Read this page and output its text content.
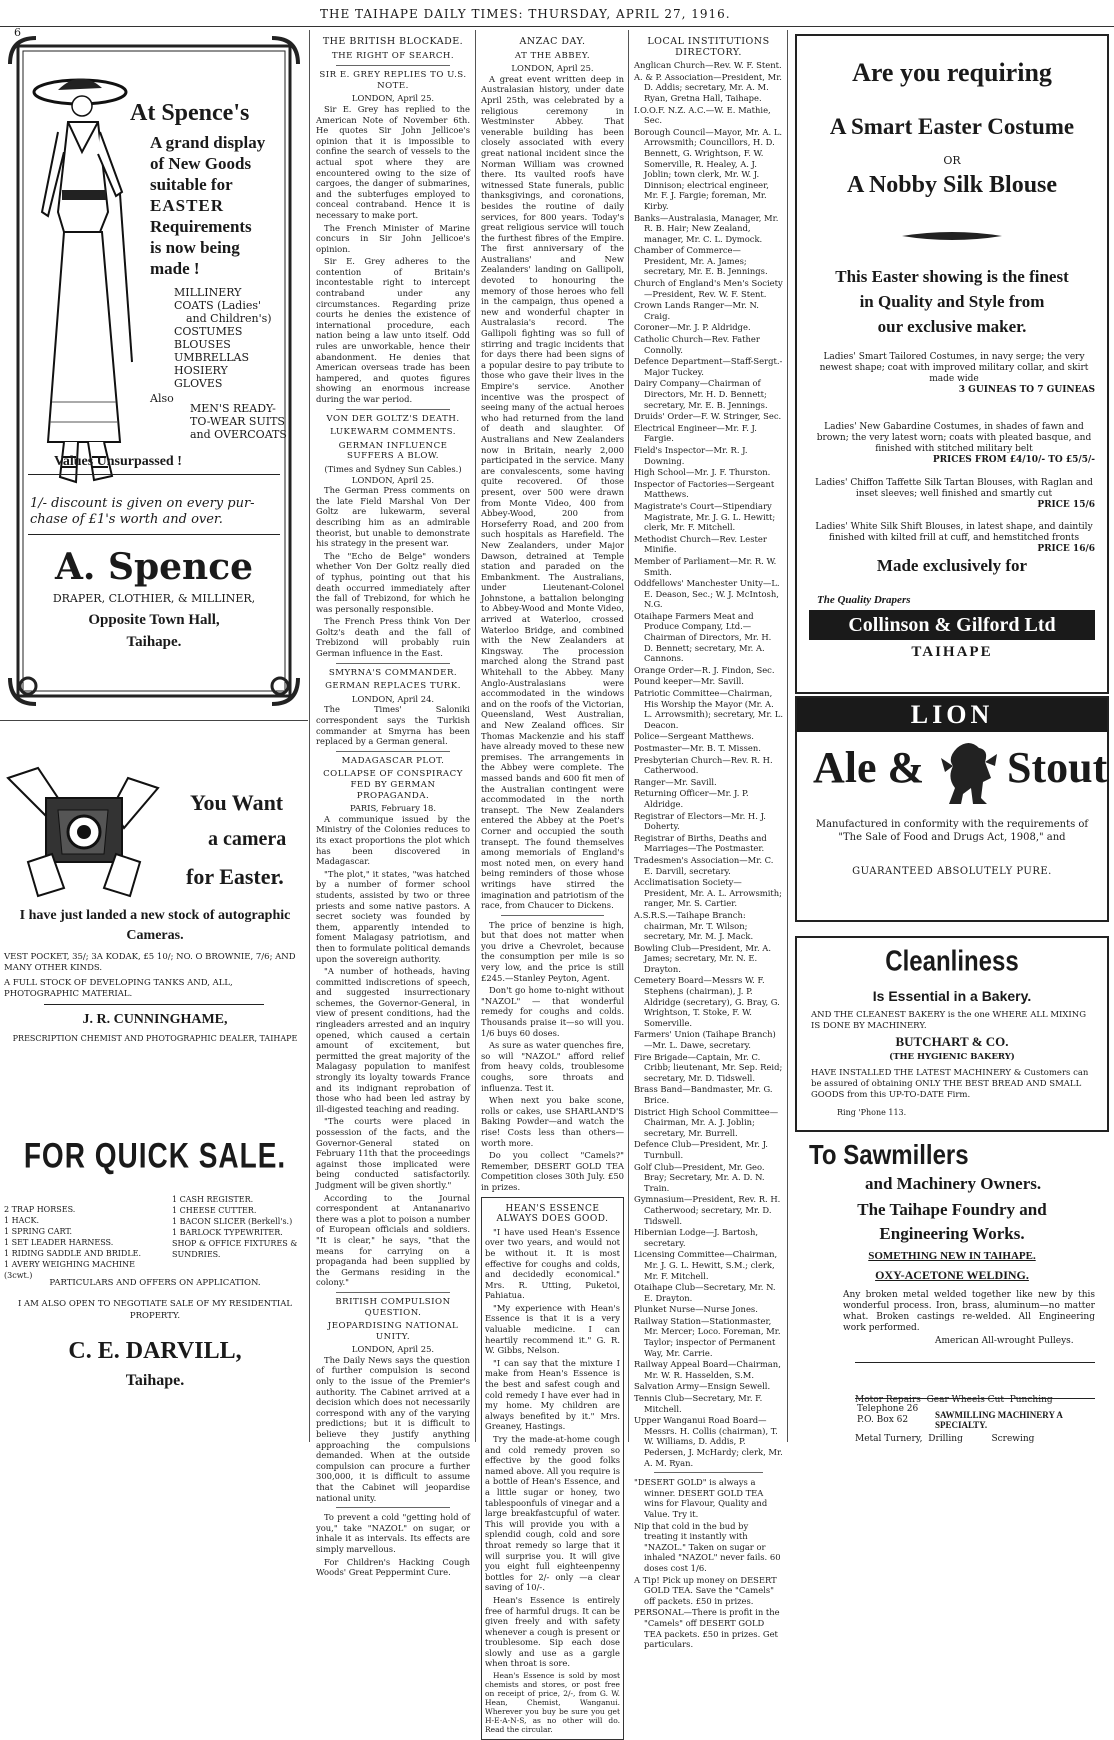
THE TAIHAPE DAILY TIMES: THURSDAY, APRIL 27, 1916.
6
At Spence's
A grand display
of New Goods
suitable for
EASTER
Requirements
is now being
made !
MILLINERY
COATS (Ladies'
and Children's)
COSTUMES
BLOUSES
UMBRELLAS
HOSIERY
GLOVES
Also
MEN'S READY-
TO-WEAR SUITS
and OVERCOATS
Values Unsurpassed !
1/- discount is given on every pur-chase of £1's worth and over.
A. Spence
DRAPER, CLOTHIER, & MILLINER,
Opposite Town Hall,
Taihape.
You Want
a camera
for Easter.
I have just landed a new stock of autographic
Cameras.
VEST POCKET, 35/; 3A KODAK, £5 10/; NO. O BROWNIE, 7/6; AND MANY OTHER KINDS.
A FULL STOCK OF DEVELOPING TANKS AND, ALL, PHOTOGRAPHIC MATERIAL.
J. R. CUNNINGHAME,
PRESCRIPTION CHEMIST AND PHOTOGRAPHIC DEALER, TAIHAPE
FOR QUICK SALE.
2 TRAP HORSES.
1 HACK.
1 SPRING CART.
1 SET LEADER HARNESS.
1 RIDING SADDLE AND BRIDLE.
1 AVERY WEIGHING MACHINE (3cwt.)
1 CASH REGISTER.
1 CHEESE CUTTER.
1 BACON SLICER (Berkell's.)
1 BARLOCK TYPEWRITER.
SHOP & OFFICE FIXTURES & SUNDRIES.
PARTICULARS AND OFFERS ON APPLICATION.
I AM ALSO OPEN TO NEGOTIATE SALE OF MY RESIDENTIAL PROPERTY.
C. E. DARVILL,
Taihape.
THE BRITISH BLOCKADE.
THE RIGHT OF SEARCH.
SIR E. GREY REPLIES TO U.S. NOTE.
LONDON, April 25.

Sir E. Grey has replied to the American Note of November 6th. He quotes Sir John Jellicoe's opinion that it is impossible to confine the search of vessels to the actual spot where they are encountered owing to the size of cargoes, the danger of submarines, and the subterfuges employed to conceal contraband. Hence it is necessary to make port.

The French Minister of Marine concurs in Sir John Jellicoe's opinion.

Sir E. Grey adheres to the contention of Britain's incontestable right to intercept contraband under any circumstances. Regarding prize courts he denies the existence of international procedure, each nation being a law unto itself. Odd rules are unworkable, hence their abandonment. He denies that American overseas trade has been hampered, and quotes figures showing an enormous increase during the war period.

VON DER GOLTZ'S DEATH.
LUKEWARM COMMENTS.
GERMAN INFLUENCE SUFFERS A BLOW.
(Times and Sydney Sun Cables.) LONDON, April 25.

The German Press comments on the late Field Marshal Von Der Goltz are lukewarm, several describing him as an admirable theorist, but unable to demonstrate his strategy in the present war.

The "Echo de Belge" wonders whether Von Der Goltz really died of typhus, pointing out that his death occurred immediately after the fall of Trebizond, for which he was personally responsible.

The French Press think Von Der Goltz's death and the fall of Trebizond will probably ruin German influence in the East.

SMYRNA'S COMMANDER.
GERMAN REPLACES TURK.
LONDON, April 24.

The Times' Saloniki correspondent says the Turkish commander at Smyrna has been replaced by a German general.

MADAGASCAR PLOT.
COLLAPSE OF CONSPIRACY FED BY GERMAN PROPAGANDA.
PARIS, February 18.

A communique issued by the Ministry of the Colonies reduces to its exact proportions the plot which has been discovered in Madagascar.

"The plot," it states, "was hatched by a number of former school students, assisted by two or three priests and some native pastors. A secret society was founded by them, apparently intended to foment Malagasy patriotism, and then to formulate political demands upon the sovereign authority.

"A number of hotheads, having committed indiscretions of speech, and suggested insurrectionary schemes, the Governor-General, in view of present conditions, had the ringleaders arrested and an inquiry opened, which caused a certain amount of excitement, but permitted the great majority of the Malagasy population to manifest strongly its loyalty towards France and its indignant reprobation of those who had been led astray by ill-digested teaching and reading.

"The courts were placed in possession of the facts, and the Governor-General stated on February 11th that the proceedings against those implicated were being conducted satisfactorily. Judgment will be given shortly."

According to the Journal correspondent at Antananarivo there was a plot to poison a number of European officials and soldiers. "It is clear," he says, "that the means for carrying on a propaganda had been supplied by the Germans residing in the colony."

BRITISH COMPULSION QUESTION.
JEOPARDISING NATIONAL UNITY.
LONDON, April 25.

The Daily News says the question of further compulsion is second only to the issue of the Premier's authority. The Cabinet arrived at a decision which does not necessarily correspond with any of the varying predictions; but it is difficult to believe they justify anything approaching the compulsions demanded. When at the outside compulsion can procure a further 300,000, it is difficult to assume that the Cabinet will jeopardise national unity.

To prevent a cold "getting hold of you," take "NAZOL" on sugar, or inhale it as intervals. Its effects are simply marvellous.

For Children's Hacking Cough Woods' Great Peppermint Cure.

ANZAC DAY.
AT THE ABBEY.
LONDON, April 25.

A great event written deep in Australasian history, under date April 25th, was celebrated by a religious ceremony in Westminster Abbey. That venerable building has been closely associated with every great national incident since the Norman William was crowned there. Its vaulted roofs have witnessed State funerals, public thanksgivings, and coronations, besides the routine of daily services, for 800 years. Today's great religious service will touch the furthest fibres of the Empire. The first anniversary of the Australians' and New Zealanders' landing on Gallipoli, devoted to honouring the memory of those heroes who fell in the campaign, thus opened a new and wonderful chapter in Australasia's record. The Gallipoli fighting was so full of stirring and tragic incidents that for days there had been signs of a popular desire to pay tribute to those who gave their lives in the Empire's service. Another incentive was the prospect of seeing many of the actual heroes who had returned from the land of death and slaughter. Of Australians and New Zealanders now in Britain, nearly 2,000 participated in the service. Many are convalescents, some having quite recovered. Of those present, over 500 were drawn from Monte Video, 400 from Abbey-Wood, 200 from Horseferry Road, and 200 from such hospitals as Harefield. The New Zealanders, under Major Dawson, detrained at Temple station and paraded on the Embankment. The Australians, under Lieutenant-Colonel Johnstone, a battalion belonging to Abbey-Wood and Monte Video, arrived at Waterloo, crossed Waterloo Bridge, and combined with the New Zealanders at Kingsway. The procession marched along the Strand past Whitehall to the Abbey. Many Anglo-Australasians were accommodated in the windows and on the roofs of the Victorian, Queensland, West Australian, and New Zealand offices. Sir Thomas Mackenzie and his staff have already moved to these new premises. The arrangements in the Abbey were complete. The massed bands and 600 fit men of the Australian contingent were accommodated in the north transept. The New Zealanders entered the Abbey at the Poet's Corner and occupied the south transept. The found themselves among memorials of England's most noted men, on every hand being reminders of those whose writings have stirred the imagination and patriotism of the race, from Chaucer to Dickens.

The price of benzine is high, but that does not matter when you drive a Chevrolet, because the consumption per mile is so very low, and the price is still £245.—Stanley Peyton, Agent.

Don't go home to-night without "NAZOL" — that wonderful remedy for coughs and colds. Thousands praise it—so will you. 1/6 buys 60 doses.

As sure as water quenches fire, so will "NAZOL" afford relief from heavy colds, troublesome coughs, sore throats and influenza. Test it.

When next you bake scone, rolls or cakes, use SHARLAND'S Baking Powder—and watch the rise! Costs less than others—worth more.

Do you collect "Camels?" Remember, DESERT GOLD TEA Competition closes 30th July. £50 in prizes.

HEAN'S ESSENCE ALWAYS DOES GOOD.

"I have used Hean's Essence over two years, and would not be without it. It is most effective for coughs and colds, and decidedly economical." Mrs. R. Utting, Puketoi, Pahiatua.

"My experience with Hean's Essence is that it is a very valuable medicine. I can heartily recommend it." G. R. W. Gibbs, Nelson.

"I can say that the mixture I make from Hean's Essence is the best and safest cough and cold remedy I have ever had in my home. My children are always benefited by it." Mrs. Greaney, Hastings.

Try the made-at-home cough and cold remedy proven so effective by the good folks named above. All you require is a bottle of Hean's Essence, and a little sugar or honey, two tablespoonfuls of vinegar and a large breakfastcupful of water. This will provide you with a splendid cough, cold and sore throat remedy so large that it will surprise you. It will give you eight full eighteenpenny bottles for 2/- only —a clear saving of 10/-.

Hean's Essence is entirely free of harmful drugs. It can be given freely and with safety whenever a cough is present or troublesome. Sip each dose slowly and use as a gargle when throat is sore.

Hean's Essence is sold by most chemists and stores, or post free on receipt of price, 2/-, from G. W. Hean, Chemist, Wanganui. Wherever you buy be sure you get H-E-A-N-S, as no other will do. Read the circular.

LOCAL INSTITUTIONS DIRECTORY.

Anglican Church—Rev. W. F. Stent.

A. & P. Association—President, Mr. D. Addis; secretary, Mr. A. M. Ryan, Gretna Hall, Taihape.

I.O.O.F. N.Z. A.C.—W. E. Mathie, Sec.

Borough Council—Mayor, Mr. A. L. Arrowsmith; Councillors, H. D. Bennett, G. Wrightson, F. W. Somerville, R. Healey, A. J. Joblin; town clerk, Mr. W. J. Dinnison; electrical engineer, Mr. F. J. Fargie; foreman, Mr. Kirby.

Banks—Australasia, Manager, Mr. R. B. Hair; New Zealand, manager, Mr. C. L. Dymock.

Chamber of Commerce—President, Mr. A. James; secretary, Mr. E. B. Jennings.

Church of England's Men's Society—President, Rev. W. F. Stent.

Crown Lands Ranger—Mr. N. Craig.

Coroner—Mr. J. P. Aldridge.

Catholic Church—Rev. Father Connolly.

Defence Department—Staff-Sergt.-Major Tuckey.

Dairy Company—Chairman of Directors, Mr. H. D. Bennett; secretary, Mr. E. B. Jennings.

Druids' Order—F. W. Stringer, Sec.

Electrical Engineer—Mr. F. J. Fargie.

Field's Inspector—Mr. R. J. Downing.

High School—Mr. J. F. Thurston.

Inspector of Factories—Sergeant Matthews.

Magistrate's Court—Stipendiary Magistrate, Mr. J. G. L. Hewitt; clerk, Mr. F. Mitchell.

Methodist Church—Rev. Lester Minifie.

Member of Parliament—Mr. R. W. Smith.

Oddfellows' Manchester Unity—L. E. Deason, Sec.; W. J. McIntosh, N.G.

Otaihape Farmers Meat and Produce Company, Ltd.—Chairman of Directors, Mr. H. D. Bennett; secretary, Mr. A. Cannons.

Orange Order—R. J. Findon, Sec.

Pound keeper—Mr. Savill.

Patriotic Committee—Chairman, His Worship the Mayor (Mr. A. L. Arrowsmith); secretary, Mr. L. Deacon.

Police—Sergeant Matthews.

Postmaster—Mr. B. T. Missen.

Presbyterian Church—Rev. R. H. Catherwood.

Ranger—Mr. Savill.

Returning Officer—Mr. J. P. Aldridge.

Registrar of Electors—Mr. H. J. Doherty.

Registrar of Births, Deaths and Marriages—The Postmaster.

Tradesmen's Association—Mr. C. E. Darvill, secretary.

Acclimatisation Society—President, Mr. A. L. Arrowsmith; ranger, Mr. S. Cartier.

A.S.R.S.—Taihape Branch: chairman, Mr. T. Wilson; secretary, Mr. M. J. Mack.

Bowling Club—President, Mr. A. James; secretary, Mr. N. E. Drayton.

Cemetery Board—Messrs W. F. Stephens (chairman), J. P. Aldridge (secretary), G. Bray, G. Wrightson, T. Stoke, F. W. Somerville.

Farmers' Union (Taihape Branch)—Mr. L. Dawe, secretary.

Fire Brigade—Captain, Mr. C. Cribb; lieutenant, Mr. Sep. Reid; secretary, Mr. D. Tidswell.

Brass Band—Bandmaster, Mr. G. Brice.

District High School Committee—Chairman, Mr. A. J. Joblin; secretary, Mr. Burrell.

Defence Club—President, Mr. J. Turnbull.

Golf Club—President, Mr. Geo. Bray; Secretary, Mr. A. D. N. Train.

Gymnasium—President, Rev. R. H. Catherwood; secretary, Mr. D. Tidswell.

Hibernian Lodge—J. Bartosh, secretary.

Licensing Committee—Chairman, Mr. J. G. L. Hewitt, S.M.; clerk, Mr. F. Mitchell.

Otaihape Club—Secretary, Mr. N. E. Drayton.

Plunket Nurse—Nurse Jones.

Railway Station—Stationmaster, Mr. Mercer; Loco. Foreman, Mr. Taylor; inspector of Permanent Way, Mr. Carrie.

Railway Appeal Board—Chairman, Mr. W. R. Hasselden, S.M.

Salvation Army—Ensign Sewell.

Tennis Club—Secretary, Mr. F. Mitchell.

Upper Wanganui Road Board—Messrs. H. Collis (chairman), T. W. Williams, D. Addis, P. Pedersen, J. McHardy; clerk, Mr. A. M. Ryan.

"DESERT GOLD" is always a winner. DESERT GOLD TEA wins for Flavour, Quality and Value. Try it.

Nip that cold in the bud by treating it instantly with "NAZOL." Taken on sugar or inhaled "NAZOL" never fails. 60 doses cost 1/6.

A Tip! Pick up money on DESERT GOLD TEA. Save the "Camels" off packets. £50 in prizes.

PERSONAL—There is profit in the "Camels" off DESERT GOLD TEA packets. £50 in prizes. Get particulars.

Are you requiring
A Smart Easter Costume
OR
A Nobby Silk Blouse
This Easter showing is the finest
in Quality and Style from
our exclusive maker.
Ladies' Smart Tailored Costumes, in navy serge; the very newest shape; coat with improved military collar, and skirt made wide
3 GUINEAS TO 7 GUINEAS
Ladies' New Gabardine Costumes, in shades of fawn and brown; the very latest worn; coats with pleated basque, and finished with stitched military belt
PRICES FROM £4/10/- TO £5/5/-
Ladies' Chiffon Taffette Silk Tartan Blouses, with Raglan and inset sleeves; well finished and smartly cut
PRICE 15/6
Ladies' White Silk Shift Blouses, in latest shape, and daintily finished with kilted frill at cuff, and hemstitched fronts
PRICE 16/6
Made exclusively for
The Quality Drapers
Collinson & Gilford Ltd
TAIHAPE
LION
Ale & Stout
Manufactured in conformity with the requirements of "The Sale of Food and Drugs Act, 1908," and
GUARANTEED ABSOLUTELY PURE.
Cleanliness
Is Essential in a Bakery.
AND THE CLEANEST BAKERY is the one WHERE ALL MIXING IS DONE BY MACHINERY.
BUTCHART & CO.
(THE HYGIENIC BAKERY)
HAVE INSTALLED THE LATEST MACHINERY & Customers can be assured of obtaining ONLY THE BEST BREAD AND SMALL GOODS from this UP-TO-DATE Firm.
Ring 'Phone 113.
To Sawmillers
and Machinery Owners.
The Taihape Foundry and
Engineering Works.
SOMETHING NEW IN TAIHAPE.
OXY-ACETONE WELDING.
Any broken metal welded together like new by this wonderful process. Iron, brass, aluminum—no matter what. Broken castings re-welded. All Engineering work performed.
American All-wrought Pulleys.

Motor Repairs  Gear Wheels Cut  Punching

Metal Turnery,  Drilling          Screwing

Telephone 26
P.O. Box 62	SAWMILLING MACHINERY A SPECIALTY.
